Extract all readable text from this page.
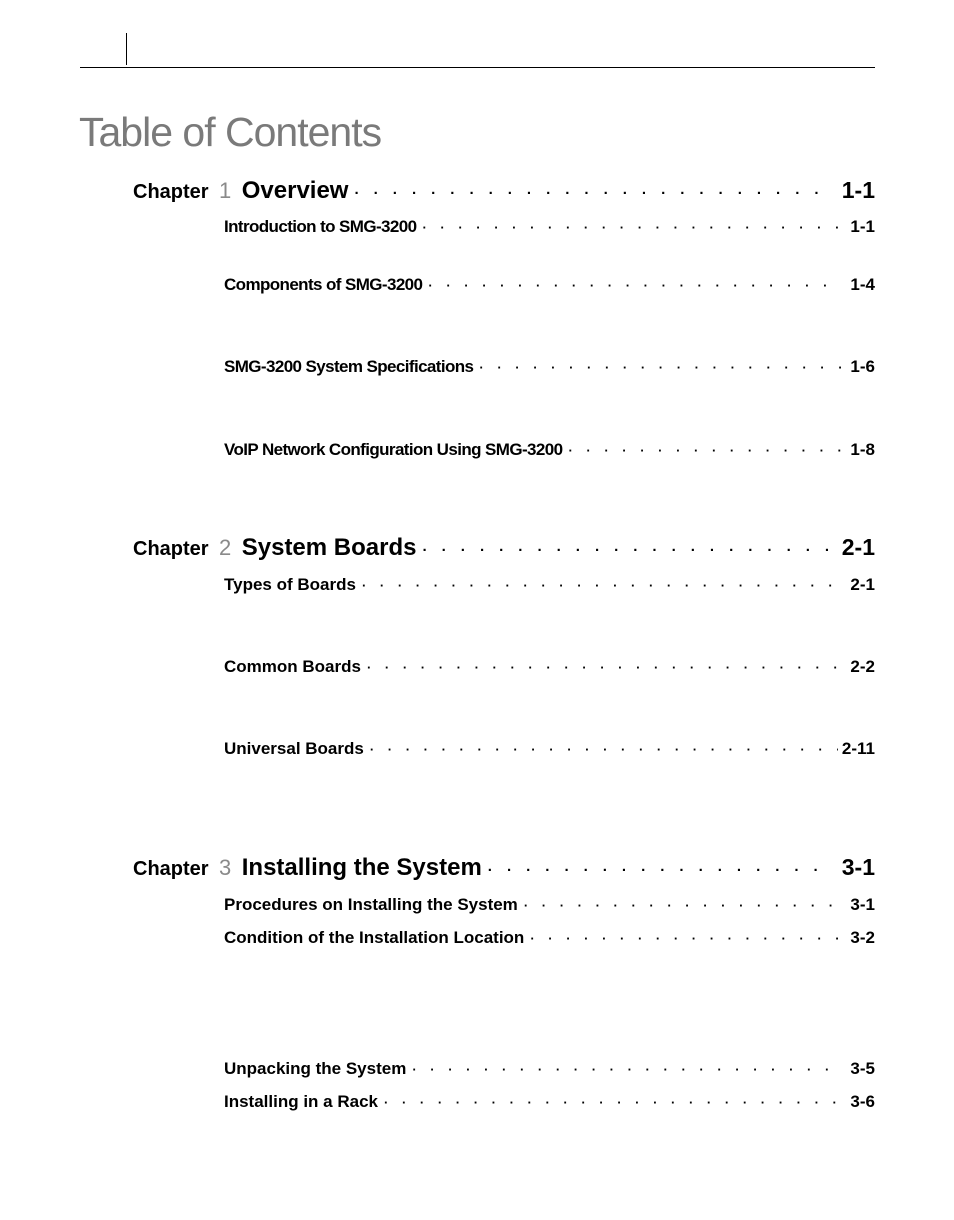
Table of Contents
Chapter 1 Overview · · ·	1-1
Introduction to SMG-3200 · · ·	1-1
Components of SMG-3200 · · ·	1-4
SMG-3200 System Specifications · · ·	1-6
VoIP Network Configuration Using SMG-3200 · · ·	1-8
Chapter 2 System Boards · · ·	2-1
Types of Boards · · ·	2-1
Common Boards · · ·	2-2
Universal Boards · · ·	2-11
Chapter 3 Installing the System · · ·	3-1
Procedures on Installing the System · · ·	3-1
Condition of the Installation Location · · ·	3-2
Unpacking the System · · ·	3-5
Installing in a Rack · · ·	3-6
